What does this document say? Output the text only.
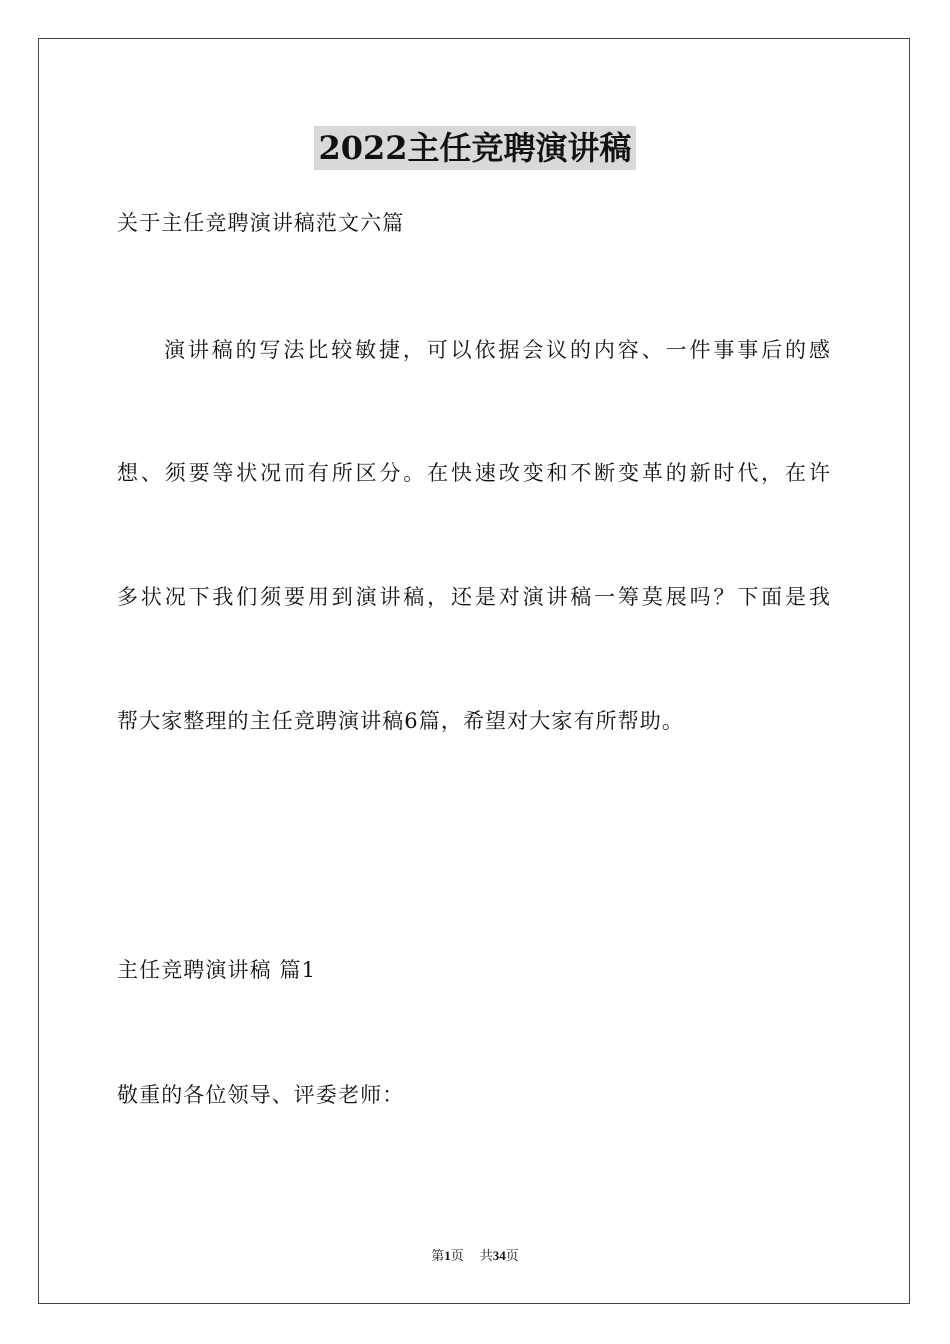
2022主任竞聘演讲稿
关于主任竞聘演讲稿范文六篇
演讲稿的写法比较敏捷，可以依据会议的内容、一件事事后的感
想、须要等状况而有所区分。在快速改变和不断变革的新时代，在许
多状况下我们须要用到演讲稿，还是对演讲稿一筹莫展吗？下面是我
帮大家整理的主任竞聘演讲稿6篇，希望对大家有所帮助。
主任竞聘演讲稿 篇1
敬重的各位领导、评委老师：
第1页 共34页
